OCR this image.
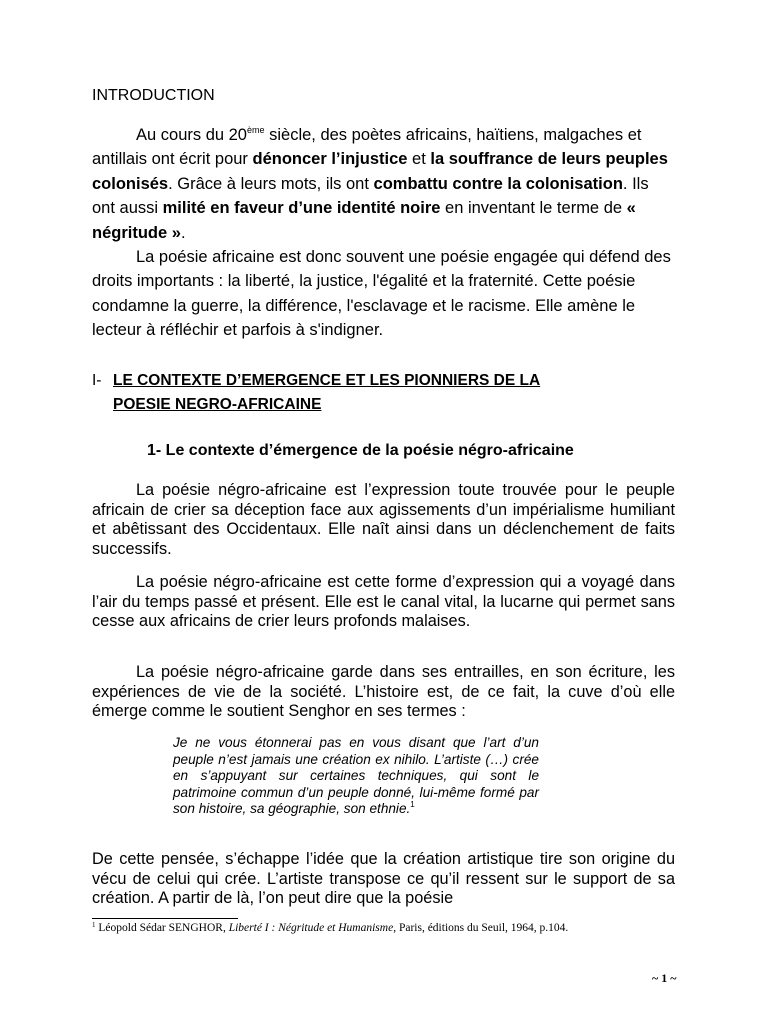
INTRODUCTION

Au cours du 20ème siècle, des poètes africains, haïtiens, malgaches et antillais ont écrit pour dénoncer l’injustice et la souffrance de leurs peuples colonisés. Grâce à leurs mots, ils ont combattu contre la colonisation. Ils ont aussi milité en faveur d’une identité noire en inventant le terme de « négritude ».

La poésie africaine est donc souvent une poésie engagée qui défend des droits importants : la liberté, la justice, l'égalité et la fraternité. Cette poésie condamne la guerre, la différence, l'esclavage et le racisme. Elle amène le lecteur à réfléchir et parfois à s'indigner.

I- LE CONTEXTE D’EMERGENCE ET LES PIONNIERS DE LA
POESIE NEGRO-AFRICAINE
1- Le contexte d’émergence de la poésie négro-africaine

La poésie négro-africaine est l’expression toute trouvée pour le peuple africain de crier sa déception face aux agissements d’un impérialisme humiliant et abêtissant des Occidentaux. Elle naît ainsi dans un déclenchement de faits successifs.

La poésie négro-africaine est cette forme d’expression qui a voyagé dans l’air du temps passé et présent. Elle est le canal vital, la lucarne qui permet sans cesse aux africains de crier leurs profonds malaises.

La poésie négro-africaine garde dans ses entrailles, en son écriture, les expériences de vie de la société. L’histoire est, de ce fait, la cuve d’où elle émerge comme le soutient Senghor en ses termes :

Je ne vous étonnerai pas en vous disant que l’art d’un peuple n’est jamais une création ex nihilo. L’artiste (…) crée en s’appuyant sur certaines techniques, qui sont le patrimoine commun d’un peuple donné, lui-même formé par son histoire, sa géographie, son ethnie.$^1$

De cette pensée, s’échappe l’idée que la création artistique tire son origine du vécu de celui qui crée. L’artiste transpose ce qu’il ressent sur le support de sa création. A partir de là, l’on peut dire que la poésie

$^1$ Léopold Sédar SENGHOR, Liberté I : Négritude et Humanisme, Paris, éditions du Seuil, 1964, p.104.
~ 1 ~
